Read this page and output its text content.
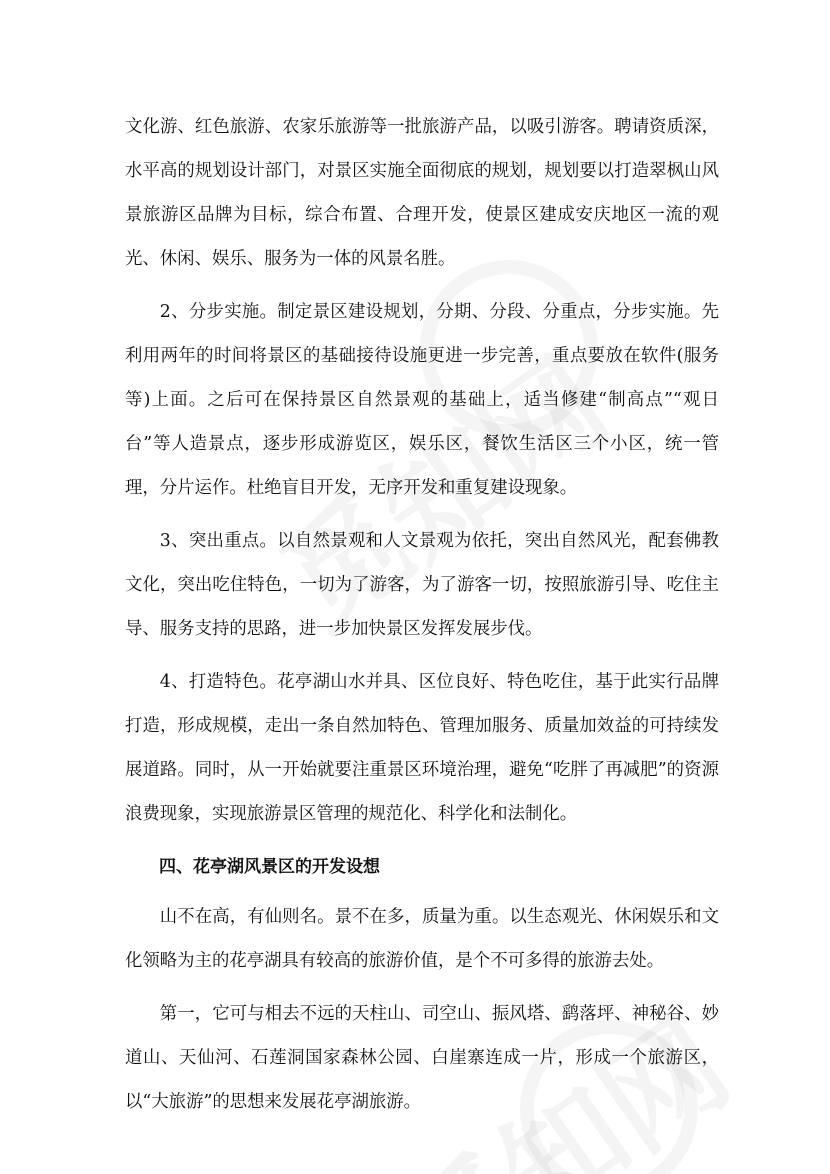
文化游、红色旅游、农家乐旅游等一批旅游产品，以吸引游客。聘请资质深，水平高的规划设计部门，对景区实施全面彻底的规划，规划要以打造翠枫山风景旅游区品牌为目标，综合布置、合理开发，使景区建成安庆地区一流的观光、休闲、娱乐、服务为一体的风景名胜。

2、分步实施。制定景区建设规划，分期、分段、分重点，分步实施。先利用两年的时间将景区的基础接待设施更进一步完善，重点要放在软件(服务等)上面。之后可在保持景区自然景观的基础上，适当修建“制高点”“观日台”等人造景点，逐步形成游览区，娱乐区，餐饮生活区三个小区，统一管理，分片运作。杜绝盲目开发，无序开发和重复建设现象。

3、突出重点。以自然景观和人文景观为依托，突出自然风光，配套佛教文化，突出吃住特色，一切为了游客，为了游客一切，按照旅游引导、吃住主导、服务支持的思路，进一步加快景区发挥发展步伐。

4、打造特色。花亭湖山水并具、区位良好、特色吃住，基于此实行品牌打造，形成规模，走出一条自然加特色、管理加服务、质量加效益的可持续发展道路。同时，从一开始就要注重景区环境治理，避免“吃胖了再减肥”的资源浪费现象，实现旅游景区管理的规范化、科学化和法制化。

四、花亭湖风景区的开发设想

山不在高，有仙则名。景不在多，质量为重。以生态观光、休闲娱乐和文化领略为主的花亭湖具有较高的旅游价值，是个不可多得的旅游去处。

第一，它可与相去不远的天柱山、司空山、振风塔、鹞落坪、神秘谷、妙道山、天仙河、石莲洞国家森林公园、白崖寨连成一片，形成一个旅游区，以“大旅游”的思想来发展花亭湖旅游。
